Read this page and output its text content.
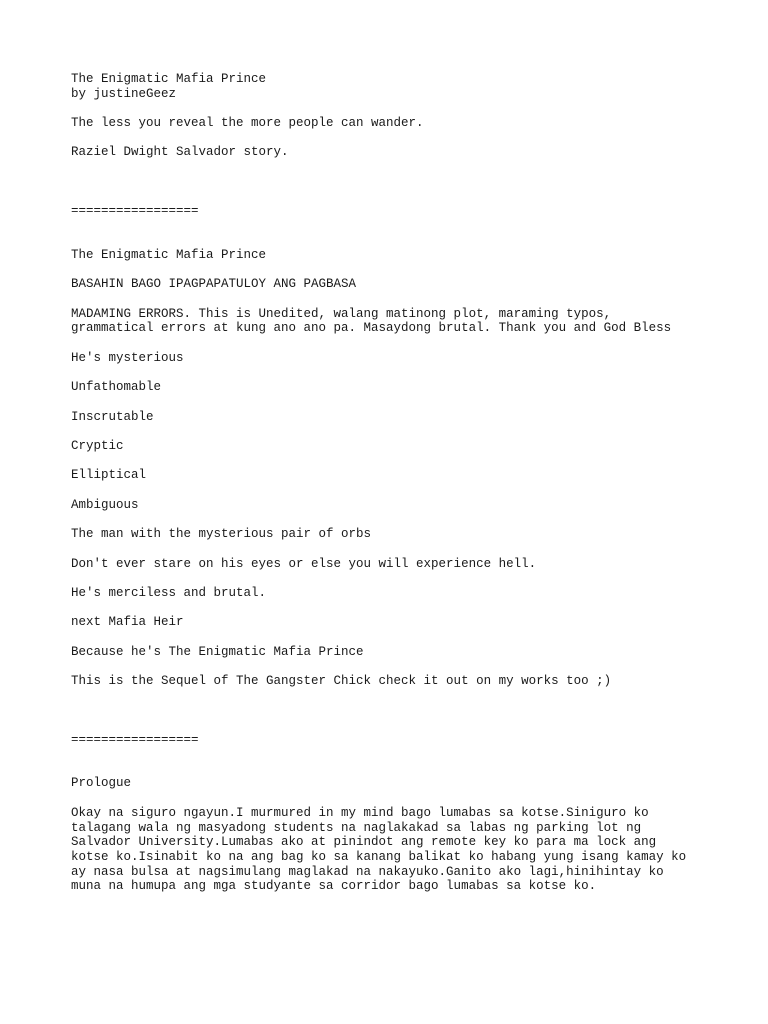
The Enigmatic Mafia Prince
by justineGeez
The less you reveal the more people can wander.
Raziel Dwight Salvador story.
=================
The Enigmatic Mafia Prince
BASAHIN BAGO IPAGPAPATULOY ANG PAGBASA
MADAMING ERRORS. This is Unedited, walang matinong plot, maraming typos,
grammatical errors at kung ano ano pa. Masaydong brutal. Thank you and God Bless
He's mysterious
Unfathomable
Inscrutable
Cryptic
Elliptical
Ambiguous
The man with the mysterious pair of orbs
Don't ever stare on his eyes or else you will experience hell.
He's merciless and brutal.
next Mafia Heir
Because he's The Enigmatic Mafia Prince
This is the Sequel of The Gangster Chick check it out on my works too ;)
=================
Prologue
Okay na siguro ngayun.I murmured in my mind bago lumabas sa kotse.Siniguro ko
talagang wala ng masyadong students na naglakakad sa labas ng parking lot ng
Salvador University.Lumabas ako at pinindot ang remote key ko para ma lock ang
kotse ko.Isinabit ko na ang bag ko sa kanang balikat ko habang yung isang kamay ko
ay nasa bulsa at nagsimulang maglakad na nakayuko.Ganito ako lagi,hinihintay ko
muna na humupa ang mga studyante sa corridor bago lumabas sa kotse ko.
